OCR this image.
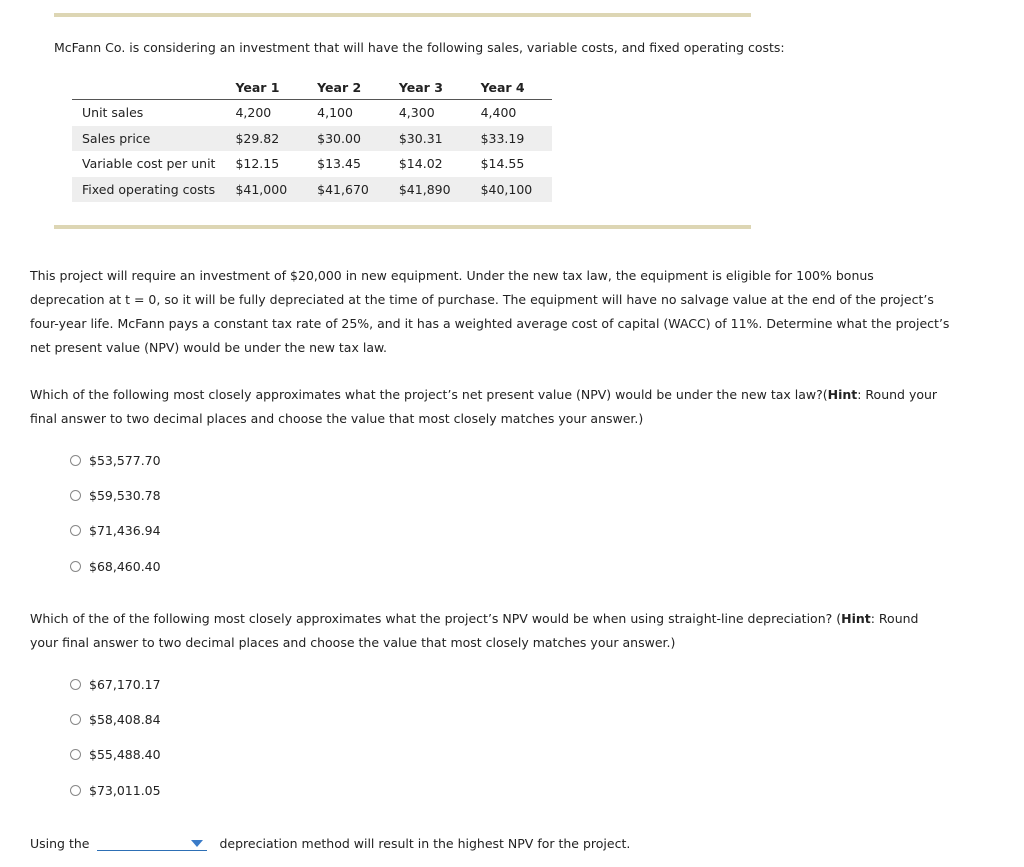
McFann Co. is considering an investment that will have the following sales, variable costs, and fixed operating costs:

	Year 1	Year 2	Year 3	Year 4
Unit sales	4,200	4,100	4,300	4,400
Sales price	$29.82	$30.00	$30.31	$33.19
Variable cost per unit	$12.15	$13.45	$14.02	$14.55
Fixed operating costs	$41,000	$41,670	$41,890	$40,100

This project will require an investment of $20,000 in new equipment. Under the new tax law, the equipment is eligible for 100% bonus deprecation at t = 0, so it will be fully depreciated at the time of purchase. The equipment will have no salvage value at the end of the project’s four-year life. McFann pays a constant tax rate of 25%, and it has a weighted average cost of capital (WACC) of 11%. Determine what the project’s net present value (NPV) would be under the new tax law.

Which of the following most closely approximates what the project’s net present value (NPV) would be under the new tax law?(Hint: Round your final answer to two decimal places and choose the value that most closely matches your answer.)

$53,577.70
$59,530.78
$71,436.94
$68,460.40

Which of the of the following most closely approximates what the project’s NPV would be when using straight-line depreciation? (Hint: Round your final answer to two decimal places and choose the value that most closely matches your answer.)

$67,170.17
$58,408.84
$55,488.40
$73,011.05
Using the	depreciation method will result in the highest NPV for the project.
